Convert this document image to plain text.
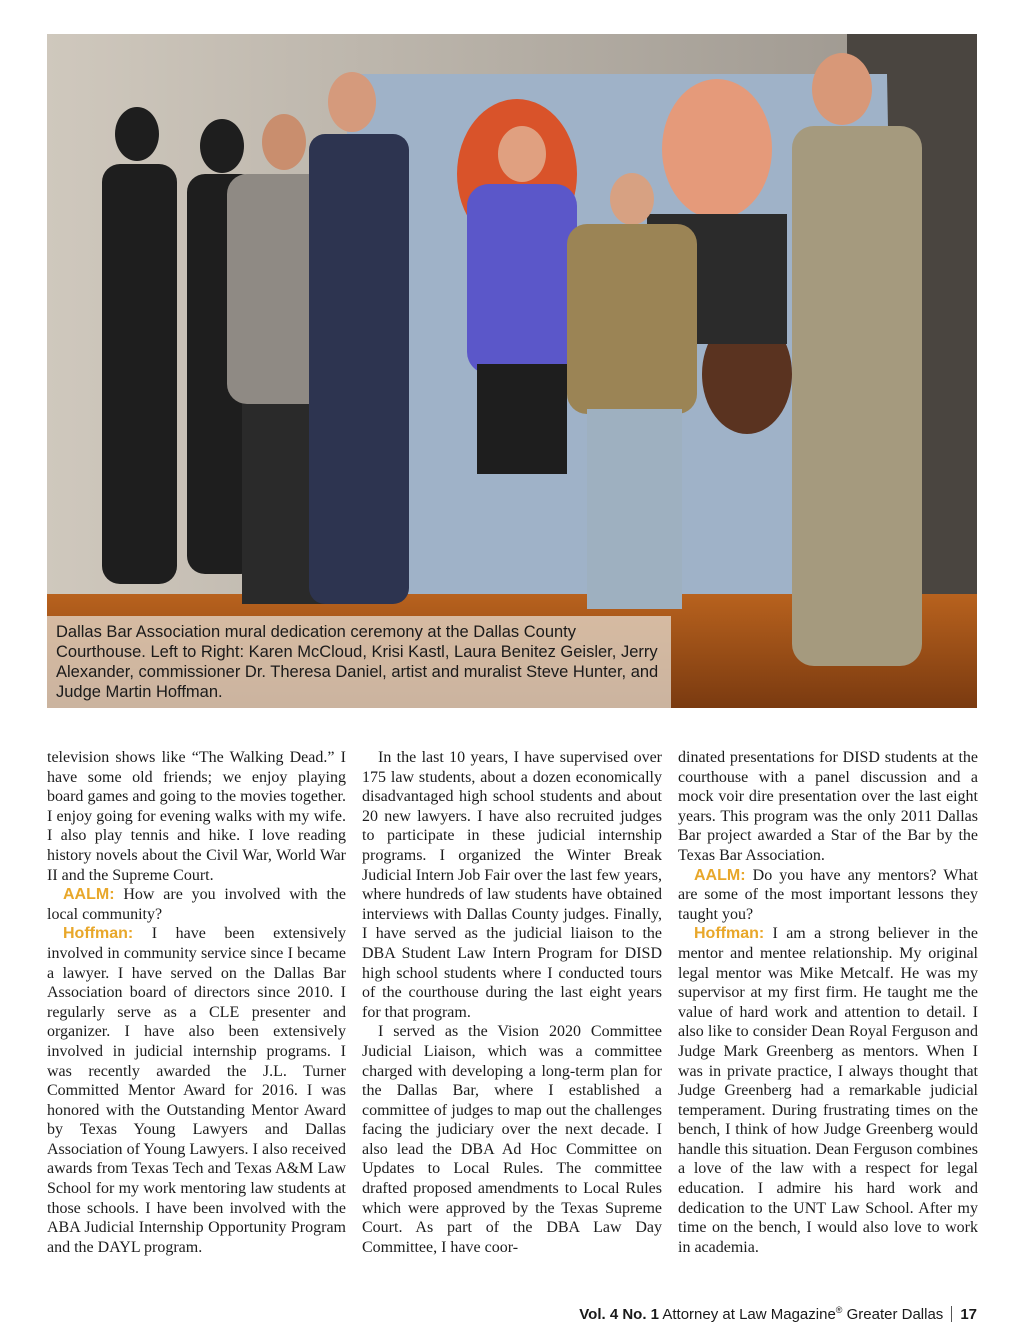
Dallas Bar Association mural dedication ceremony at the Dallas County Courthouse. Left to Right: Karen McCloud, Krisi Kastl, Laura Benitez Geisler, Jerry Alexander, commissioner Dr. Theresa Daniel, artist and muralist Steve Hunter, and Judge Martin Hoffman.

television shows like “The Walking Dead.” I have some old friends; we enjoy playing board games and going to the movies together. I enjoy going for evening walks with my wife. I also play tennis and hike. I love reading history novels about the Civil War, World War II and the Supreme Court.

AALM: How are you involved with the local community?

Hoffman: I have been extensively involved in community service since I became a lawyer. I have served on the Dallas Bar Association board of directors since 2010. I regularly serve as a CLE presenter and organizer. I have also been extensively involved in judicial internship programs. I was recently awarded the J.L. Turner Committed Mentor Award for 2016. I was honored with the Outstanding Mentor Award by Texas Young Lawyers and Dallas Association of Young Lawyers. I also received awards from Texas Tech and Texas A&M Law School for my work mentoring law students at those schools. I have been involved with the ABA Judicial Internship Opportunity Program and the DAYL program.

In the last 10 years, I have supervised over 175 law students, about a dozen economically disadvantaged high school students and about 20 new lawyers. I have also recruited judges to participate in these judicial internship programs. I organized the Winter Break Judicial Intern Job Fair over the last few years, where hundreds of law students have obtained interviews with Dallas County judges. Finally, I have served as the judicial liaison to the DBA Student Law Intern Program for DISD high school students where I conducted tours of the courthouse during the last eight years for that program.

I served as the Vision 2020 Committee Judicial Liaison, which was a committee charged with developing a long-term plan for the Dallas Bar, where I established a committee of judges to map out the challenges facing the judiciary over the next decade. I also lead the DBA Ad Hoc Committee on Updates to Local Rules. The committee drafted proposed amendments to Local Rules which were approved by the Texas Supreme Court. As part of the DBA Law Day Committee, I have coor-

dinated presentations for DISD students at the courthouse with a panel discussion and a mock voir dire presentation over the last eight years. This program was the only 2011 Dallas Bar project awarded a Star of the Bar by the Texas Bar Association.

AALM: Do you have any mentors? What are some of the most important lessons they taught you?

Hoffman: I am a strong believer in the mentor and mentee relationship. My original legal mentor was Mike Metcalf. He was my supervisor at my first firm. He taught me the value of hard work and attention to detail. I also like to consider Dean Royal Ferguson and Judge Mark Greenberg as mentors. When I was in private practice, I always thought that Judge Greenberg had a remarkable judicial temperament. During frustrating times on the bench, I think of how Judge Greenberg would handle this situation. Dean Ferguson combines a love of the law with a respect for legal education. I admire his hard work and dedication to the UNT Law School. After my time on the bench, I would also love to work in academia.

Vol. 4 No. 1 Attorney at Law Magazine® Greater Dallas 17
